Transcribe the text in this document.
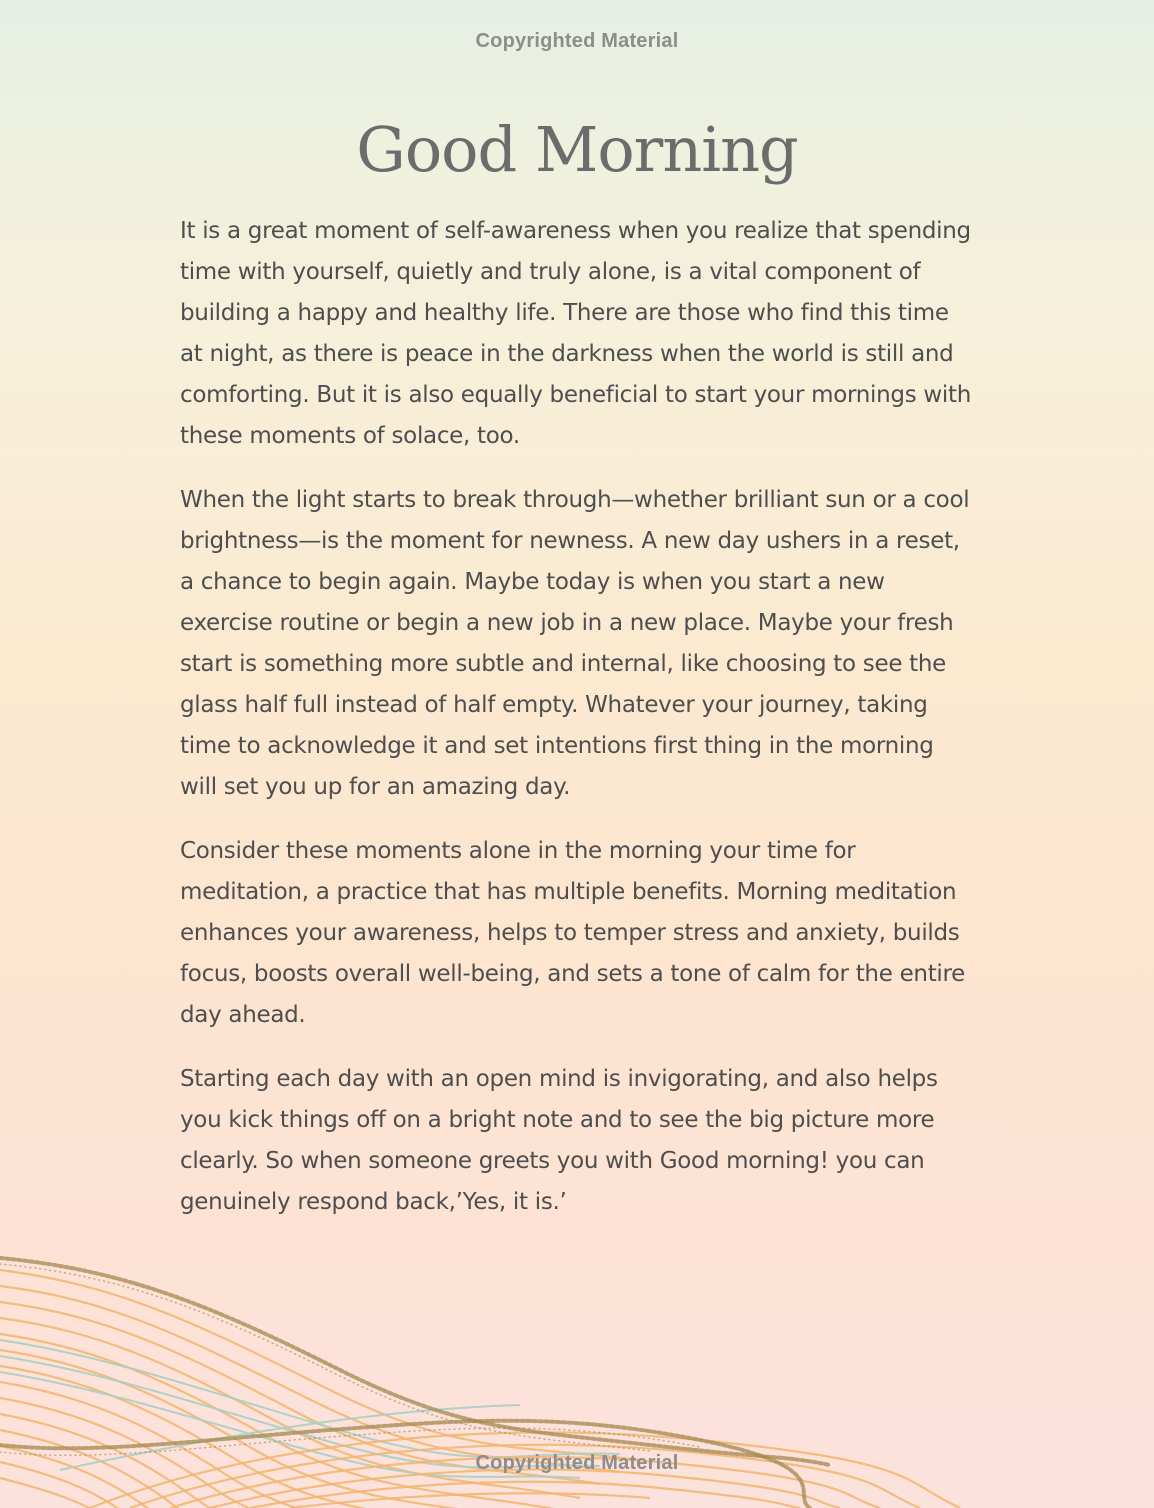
Copyrighted Material
Good Morning

It is a great moment of self-awareness when you realize that spending time with yourself, quietly and truly alone, is a vital component of building a happy and healthy life. There are those who find this time at night, as there is peace in the darkness when the world is still and comforting. But it is also equally beneficial to start your mornings with these moments of solace, too.

When the light starts to break through—whether brilliant sun or a cool brightness—is the moment for newness. A new day ushers in a reset, a chance to begin again. Maybe today is when you start a new exercise routine or begin a new job in a new place. Maybe your fresh start is something more subtle and internal, like choosing to see the glass half full instead of half empty. Whatever your journey, taking time to acknowledge it and set intentions first thing in the morning will set you up for an amazing day.

Consider these moments alone in the morning your time for meditation, a practice that has multiple benefits. Morning meditation enhances your awareness, helps to temper stress and anxiety, builds focus, boosts overall well-being, and sets a tone of calm for the entire day ahead.

Starting each day with an open mind is invigorating, and also helps you kick things off on a bright note and to see the big picture more clearly. So when someone greets you with Good morning! you can genuinely respond back,’Yes, it is.’

Copyrighted Material
